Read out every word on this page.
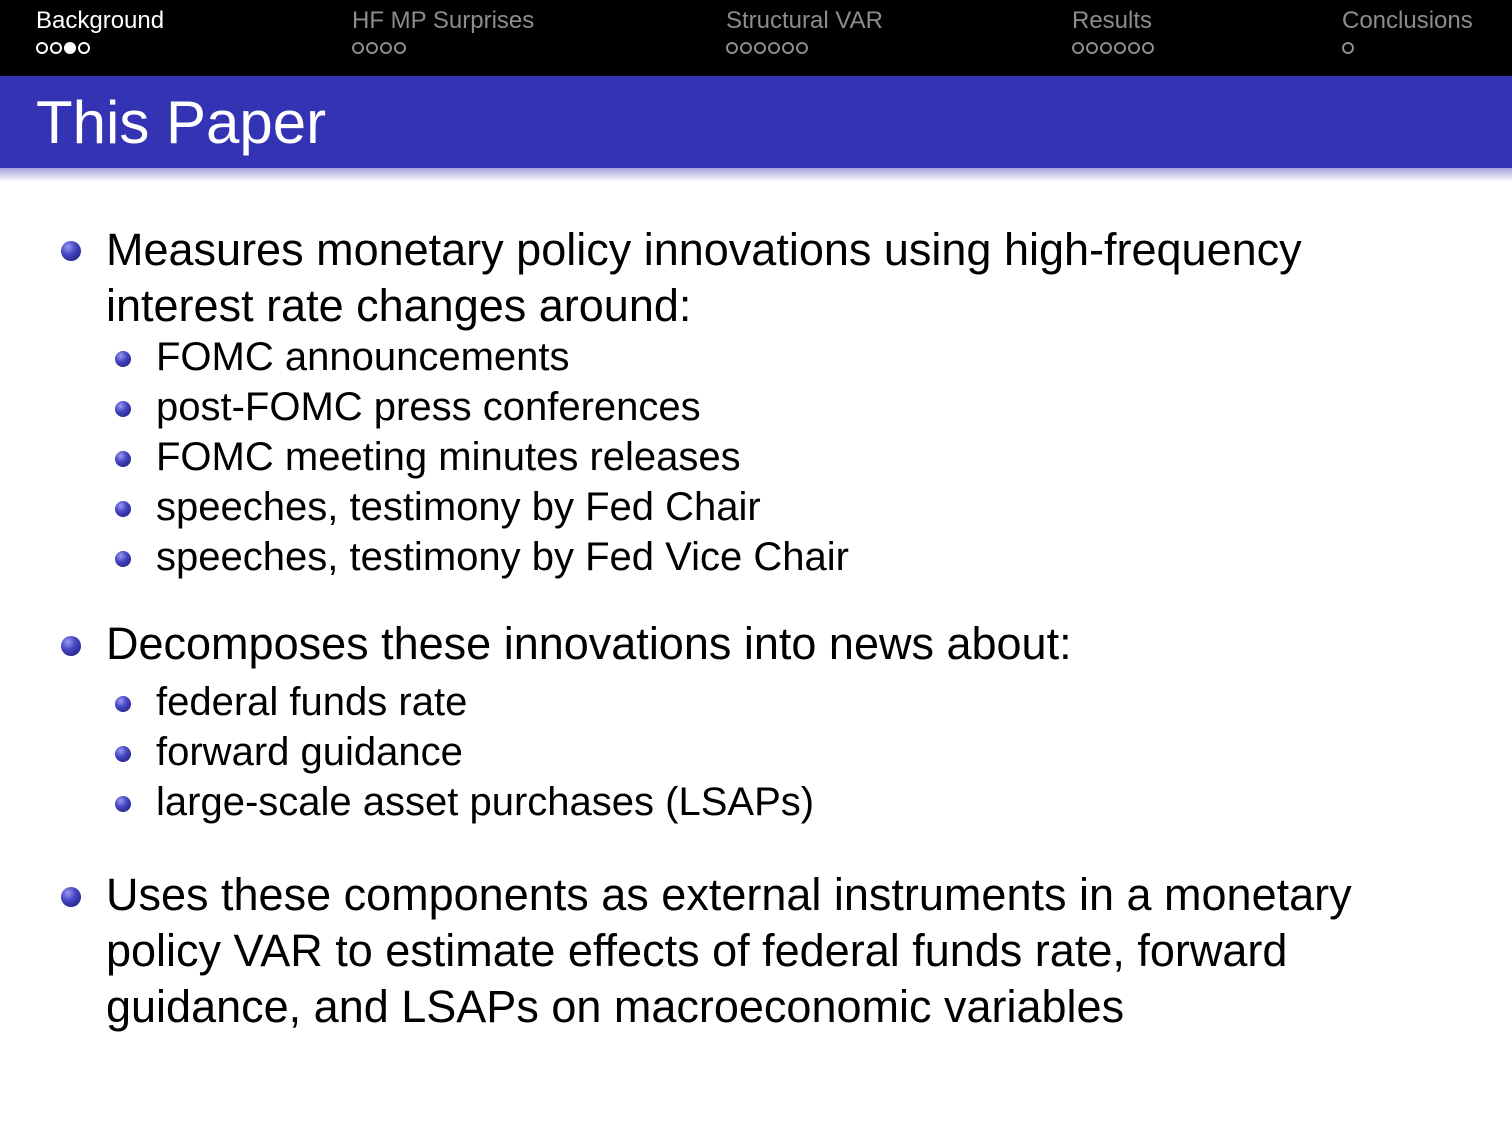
Background	HF MP Surprises	Structural VAR	Results	Conclusions
This Paper
Measures monetary policy innovations using high-frequency
interest rate changes around:
FOMC announcements
post-FOMC press conferences
FOMC meeting minutes releases
speeches, testimony by Fed Chair
speeches, testimony by Fed Vice Chair
Decomposes these innovations into news about:
federal funds rate
forward guidance
large-scale asset purchases (LSAPs)
Uses these components as external instruments in a monetary
policy VAR to estimate effects of federal funds rate, forward
guidance, and LSAPs on macroeconomic variables
